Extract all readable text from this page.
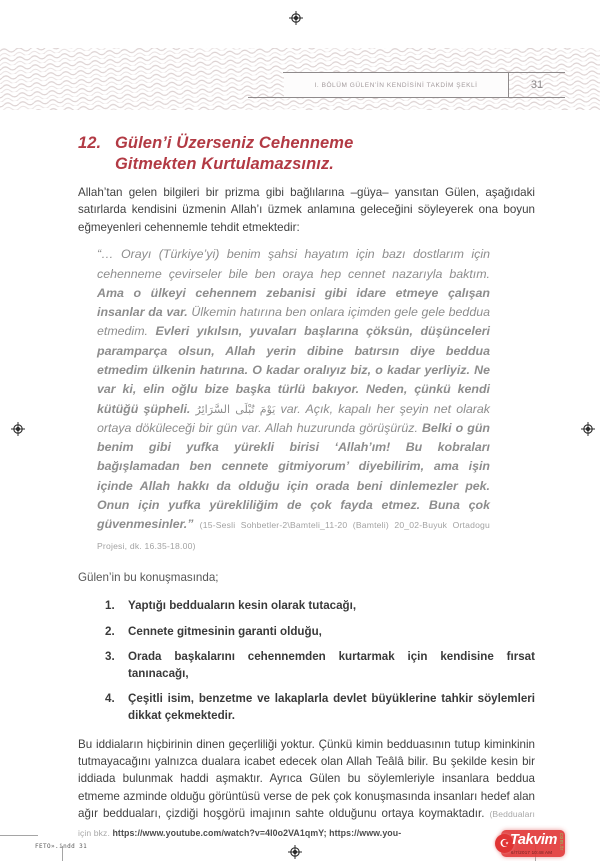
I. BÖLÜM GÜLEN’İN KENDİSİNİ TAKDİM ŞEKLİ	31
12. Gülen’i Üzerseniz Cehenneme
Gitmekten Kurtulamazsınız.

Allah’tan gelen bilgileri bir prizma gibi bağlılarına –güya– yansıtan Gülen, aşağıdaki satırlarda kendisini üzmenin Allah’ı üzmek anlamına geleceğini söyleyerek ona boyun eğmeyenleri cehennemle tehdit etmektedir:

“… Orayı (Türkiye’yi) benim şahsi hayatım için bazı dostlarım için cehenneme çevirseler bile ben oraya hep cennet nazarıyla baktım. Ama o ülkeyi cehennem zebanisi gibi idare etmeye çalışan insanlar da var. Ülkemin hatırına ben onlara içimden gele gele beddua etmedim. Evleri yıkılsın, yuvaları başlarına çöksün, düşünceleri paramparça olsun, Allah yerin dibine batırsın diye beddua etmedim ülkenin hatırına. O kadar oralıyız biz, o kadar yerliyiz. Ne var ki, elin oğlu bize başka türlü bakıyor. Neden, çünkü kendi kütüğü şüpheli. يَوْمَ تُبْلَى السَّرَائِرُ var. Açık, kapalı her şeyin net olarak ortaya döküleceği bir gün var. Allah huzurunda görüşürüz. Belki o gün benim gibi yufka yürekli birisi ‘Allah’ım! Bu kobraları bağışlamadan ben cennete gitmiyorum’ diyebilirim, ama işin içinde Allah hakkı da olduğu için orada beni dinlemezler pek. Onun için yufka yürekliliğim de çok fayda etmez. Buna çok güvenmesinler.” (15-Sesli Sohbetler-2\Bamteli_11-20 (Bamteli) 20_02-Buyuk Ortadogu Projesi, dk. 16.35-18.00)

Gülen’in bu konuşmasında;

1.	Yaptığı bedduaların kesin olarak tutacağı,
2.	Cennete gitmesinin garanti olduğu,
3.	Orada başkalarını cehennemden kurtarmak için kendisine fırsat tanınacağı,
4.	Çeşitli isim, benzetme ve lakaplarla devlet büyüklerine tahkir söylemleri dikkat çekmektedir.

Bu iddiaların hiçbirinin dinen geçerliliği yoktur. Çünkü kimin bedduasının tutup kiminkinin tutmayacağını yalnızca dualara icabet edecek olan Allah Teâlâ bilir. Bu şekilde kesin bir iddiada bulunmak haddi aşmaktır. Ayrıca Gülen bu söylemleriyle insanlara beddua etmeme azminde olduğu görüntüsü verse de pek çok konuşmasında insanları hedef alan ağır bedduaları, çizdiği hoşgörü imajının sahte olduğunu ortaya koymaktadır. (Bedduaları için bkz. https://www.youtube.com/watch?v=4l0o2VA1qmY; https://www.you-

FETO».indd 31	☪ Takvim com.tr
6/7/2017 10:48 AM
